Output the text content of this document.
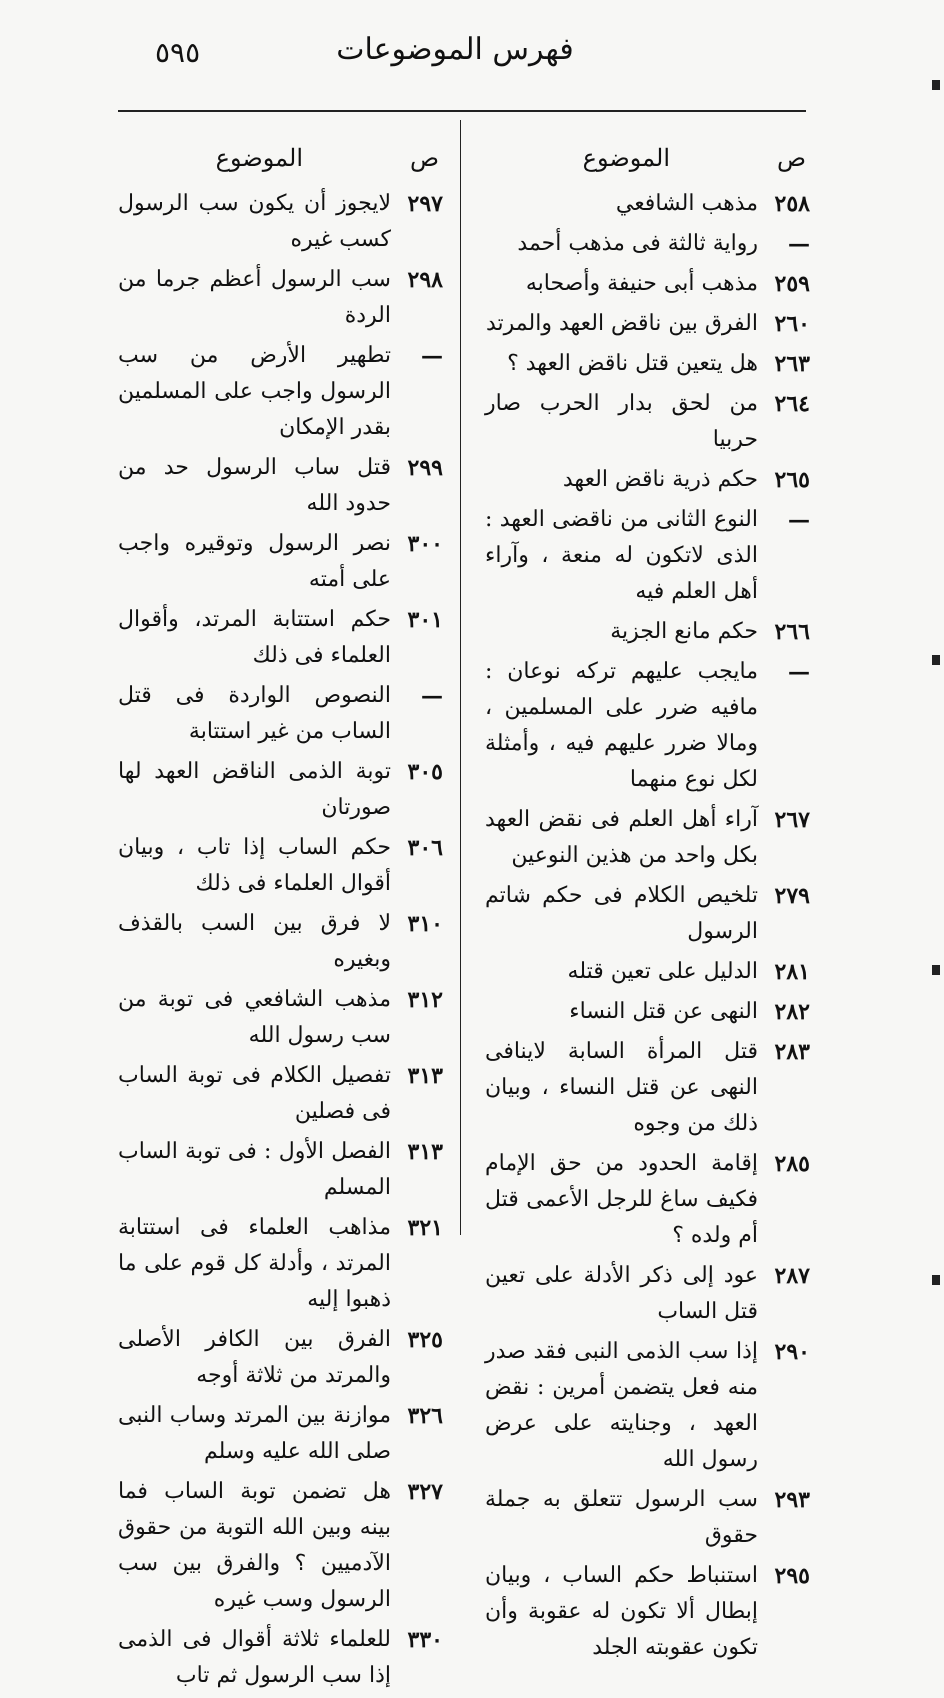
فهرس الموضوعات
٥٩٥
ص
الموضوع
٢٥٨
مذهب الشافعي
—
رواية ثالثة فى مذهب أحمد
٢٥٩
مذهب أبى حنيفة وأصحابه
٢٦٠
الفرق بين ناقض العهد والمرتد
٢٦٣
هل يتعين قتل ناقض العهد ؟
٢٦٤
من لحق بدار الحرب صار حربيا
٢٦٥
حكم ذرية ناقض العهد
—
النوع الثانى من ناقضى العهد : الذى لاتكون له منعة ، وآراء أهل العلم فيه
٢٦٦
حكم مانع الجزية
—
مايجب عليهم تركه نوعان : مافيه ضرر على المسلمين ، ومالا ضرر عليهم فيه ، وأمثلة لكل نوع منهما
٢٦٧
آراء أهل العلم فى نقض العهد بكل واحد من هذين النوعين
٢٧٩
تلخيص الكلام فى حكم شاتم الرسول
٢٨١
الدليل على تعين قتله
٢٨٢
النهى عن قتل النساء
٢٨٣
قتل المرأة السابة لاينافى النهى عن قتل النساء ، وبيان ذلك من وجوه
٢٨٥
إقامة الحدود من حق الإمام فكيف ساغ للرجل الأعمى قتل أم ولده ؟
٢٨٧
عود إلى ذكر الأدلة على تعين قتل الساب
٢٩٠
إذا سب الذمى النبى فقد صدر منه فعل يتضمن أمرين : نقض العهد ، وجنايته على عرض رسول الله
٢٩٣
سب الرسول تتعلق به جملة حقوق
٢٩٥
استنباط حكم الساب ، وبيان إبطال ألا تكون له عقوبة وأن تكون عقوبته الجلد
ص
الموضوع
٢٩٧
لايجوز أن يكون سب الرسول كسب غيره
٢٩٨
سب الرسول أعظم جرما من الردة
—
تطهير الأرض من سب الرسول واجب على المسلمين بقدر الإمكان
٢٩٩
قتل ساب الرسول حد من حدود الله
٣٠٠
نصر الرسول وتوقيره واجب على أمته
٣٠١
حكم استتابة المرتد، وأقوال العلماء فى ذلك
—
النصوص الواردة فى قتل الساب من غير استتابة
٣٠٥
توبة الذمى الناقض العهد لها صورتان
٣٠٦
حكم الساب إذا تاب ، وبيان أقوال العلماء فى ذلك
٣١٠
لا فرق بين السب بالقذف وبغيره
٣١٢
مذهب الشافعي فى توبة من سب رسول الله
٣١٣
تفصيل الكلام فى توبة الساب فى فصلين
٣١٣
الفصل الأول : فى توبة الساب المسلم
٣٢١
مذاهب العلماء فى استتابة المرتد ، وأدلة كل قوم على ما ذهبوا إليه
٣٢٥
الفرق بين الكافر الأصلى والمرتد من ثلاثة أوجه
٣٢٦
موازنة بين المرتد وساب النبى صلى الله عليه وسلم
٣٢٧
هل تضمن توبة الساب فما بينه وبين الله التوبة من حقوق الآدميين ؟ والفرق بين سب الرسول وسب غيره
٣٣٠
للعلماء ثلاثة أقوال فى الذمى إذا سب الرسول ثم تاب
